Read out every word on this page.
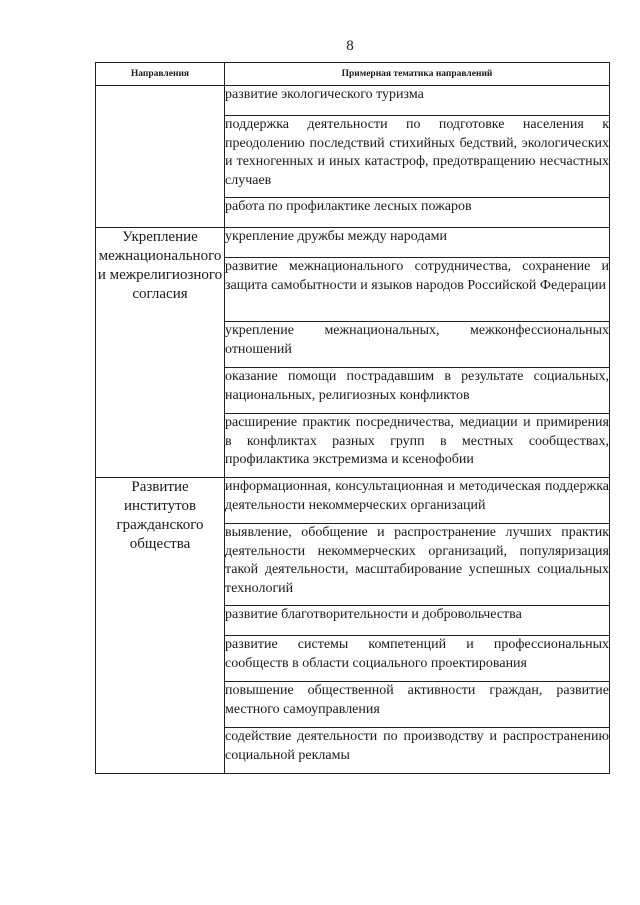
8
Направления	Примерная тематика направлений

	развитие экологического туризма

	поддержка деятельности по подготовке населения к преодолению последствий стихийных бедствий, экологических и техногенных и иных катастроф, предотвращению несчастных случаев

	работа по профилактике лесных пожаров

Укрепление межнационального и межрелигиозного согласия	укрепление дружбы между народами

	развитие межнационального сотрудничества, сохранение и защита самобытности и языков народов Российской Федерации

	укрепление межнациональных, межконфессиональных отношений

	оказание помощи пострадавшим в результате социальных, национальных, религиозных конфликтов

	расширение практик посредничества, медиации и примирения в конфликтах разных групп в местных сообществах, профилактика экстремизма и ксенофобии

Развитие институтов гражданского общества	информационная, консультационная и методическая поддержка деятельности некоммерческих организаций

	выявление, обобщение и распространение лучших практик деятельности некоммерческих организаций, популяризация такой деятельности, масштабирование успешных социальных технологий

	развитие благотворительности и добровольчества

	развитие системы компетенций и профессиональных сообществ в области социального проектирования

	повышение общественной активности граждан, развитие местного самоуправления

	содействие деятельности по производству и распространению социальной рекламы
